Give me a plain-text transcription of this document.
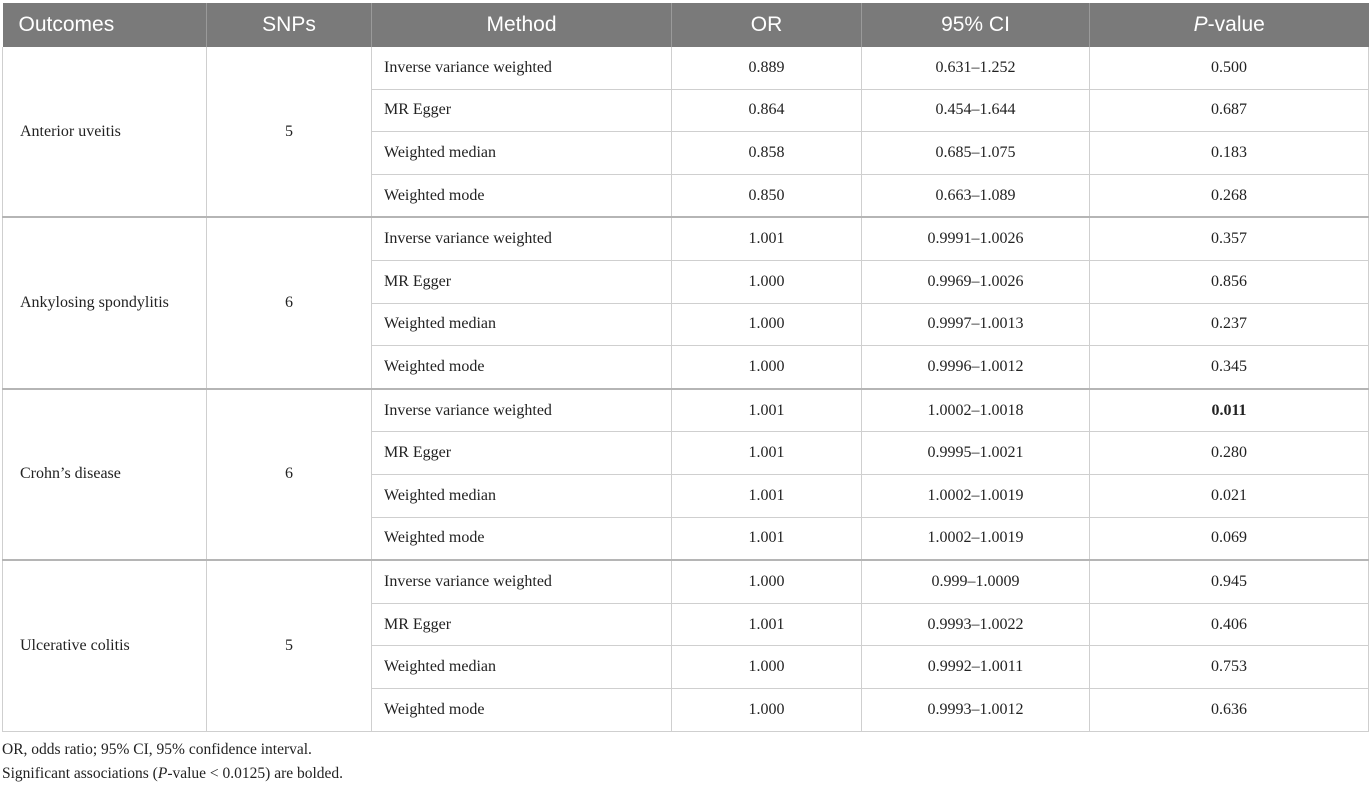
Outcomes	SNPs	Method	OR	95% CI	P-value
Anterior uveitis	5	Inverse variance weighted	0.889	0.631–1.252	0.500
		MR Egger	0.864	0.454–1.644	0.687
		Weighted median	0.858	0.685–1.075	0.183
		Weighted mode	0.850	0.663–1.089	0.268
Ankylosing spondylitis	6	Inverse variance weighted	1.001	0.9991–1.0026	0.357
		MR Egger	1.000	0.9969–1.0026	0.856
		Weighted median	1.000	0.9997–1.0013	0.237
		Weighted mode	1.000	0.9996–1.0012	0.345
Crohn’s disease	6	Inverse variance weighted	1.001	1.0002–1.0018	0.011
		MR Egger	1.001	0.9995–1.0021	0.280
		Weighted median	1.001	1.0002–1.0019	0.021
		Weighted mode	1.001	1.0002–1.0019	0.069
Ulcerative colitis	5	Inverse variance weighted	1.000	0.999–1.0009	0.945
		MR Egger	1.001	0.9993–1.0022	0.406
		Weighted median	1.000	0.9992–1.0011	0.753
		Weighted mode	1.000	0.9993–1.0012	0.636

OR, odds ratio; 95% CI, 95% confidence interval.

Significant associations (P-value < 0.0125) are bolded.
